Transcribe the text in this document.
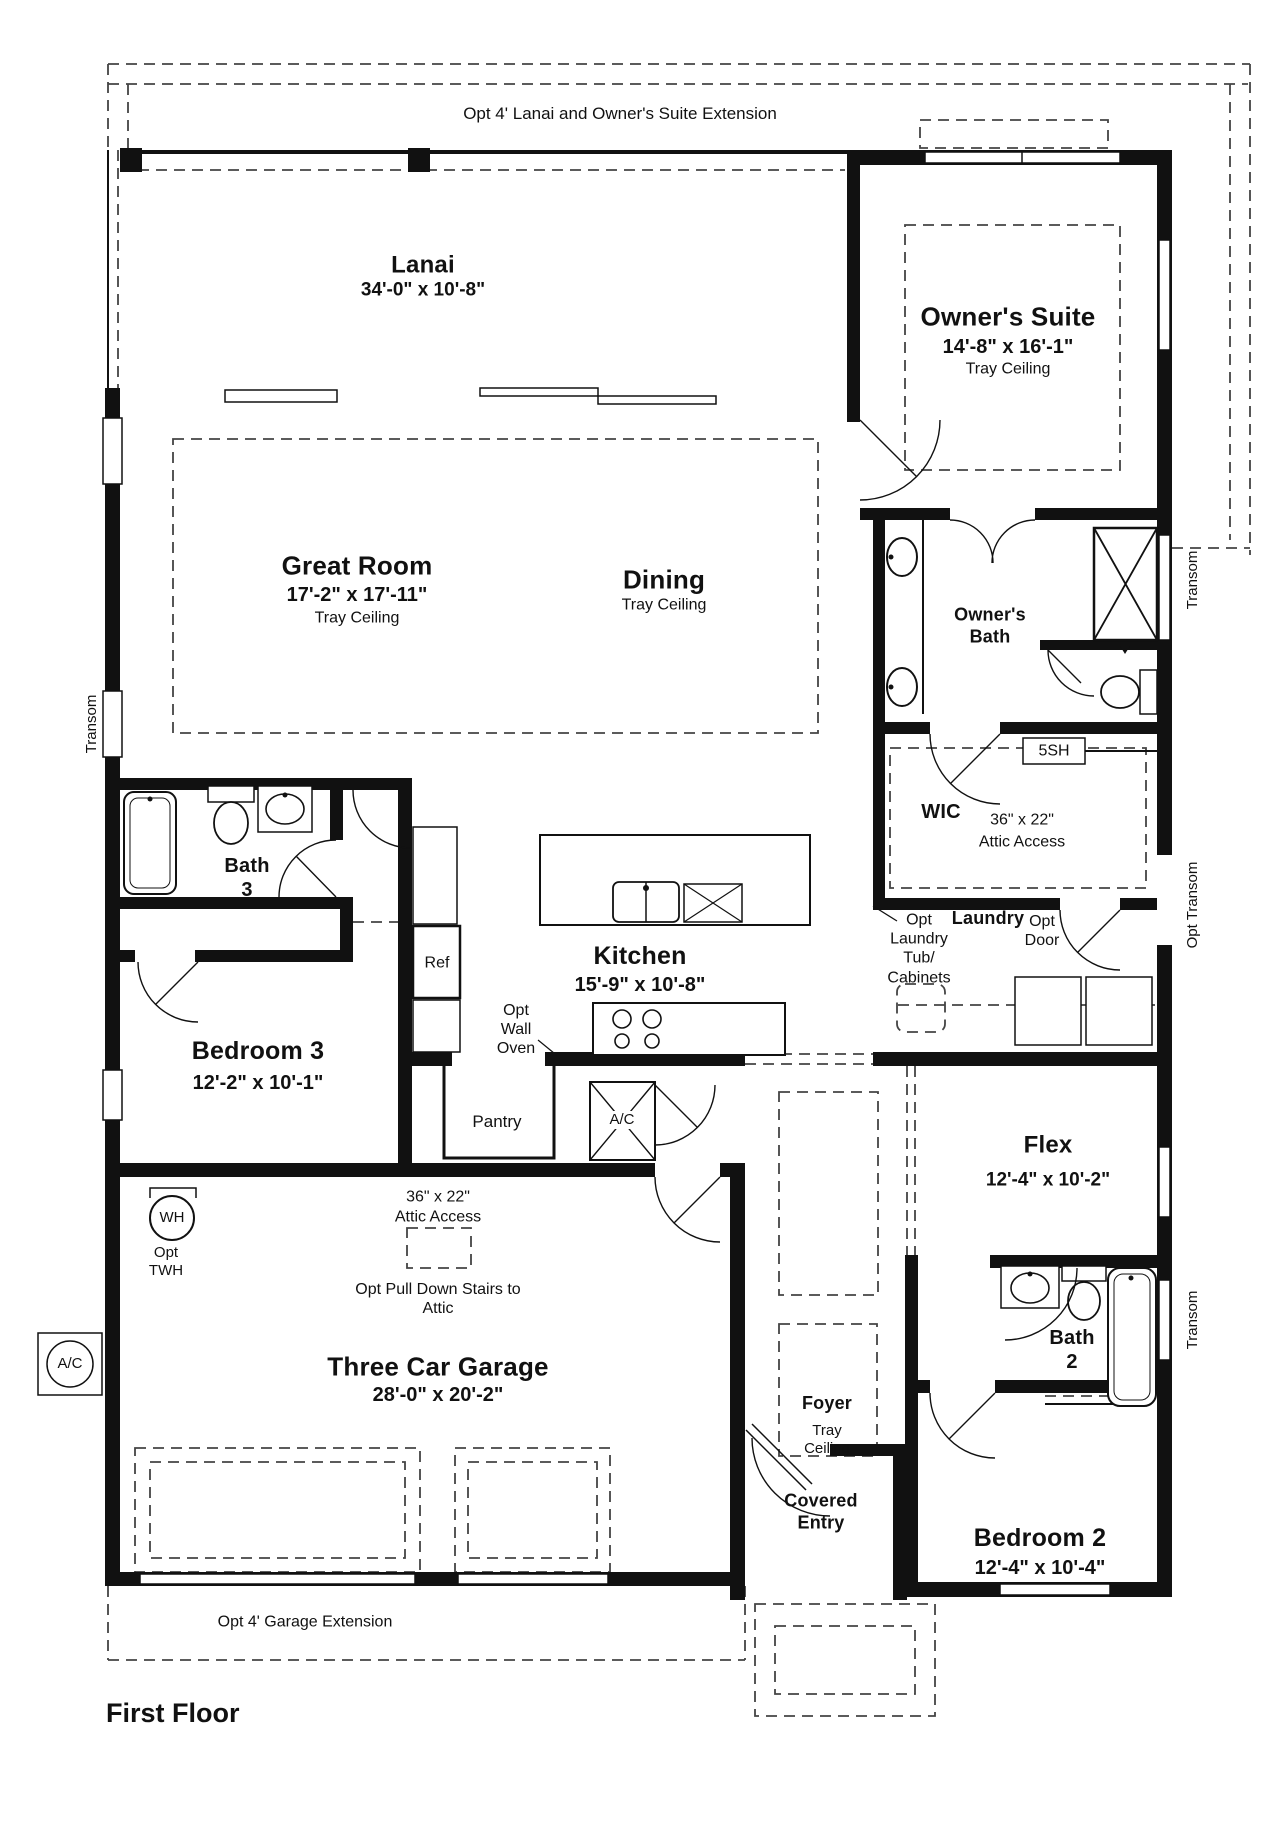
Opt 4' Lanai and Owner's Suite Extension
Lanai
34'-0" x 10'-8"
Owner's Suite
14'-8" x 16'-1"
Tray Ceiling
Great Room
17'-2" x 17'-11"
Tray Ceiling
Dining
Tray Ceiling	Owner's Bath
Transom
Transom
Opt Transom
Transom
5SH
WIC 36" x 22"
Attic Access
Laundry
Opt Laundry Tub/ Cabinets
Opt Door
Kitchen
15'-9" x 10'-8"
Ref
Opt Wall Oven
Bath 3
Bedroom 3
12'-2" x 10'-1"
Pantry	A/C
WH
Opt TWH
36" x 22"
Attic Access
Opt Pull Down Stairs to Attic
Three Car Garage
28'-0" x 20'-2"	Foyer
Tray Ceiling
Flex
12'-4" x 10'-2"
Bath 2
Bedroom 2
12'-4" x 10'-4"
Covered Entry
Opt 4' Garage Extension
A/C
First Floor
